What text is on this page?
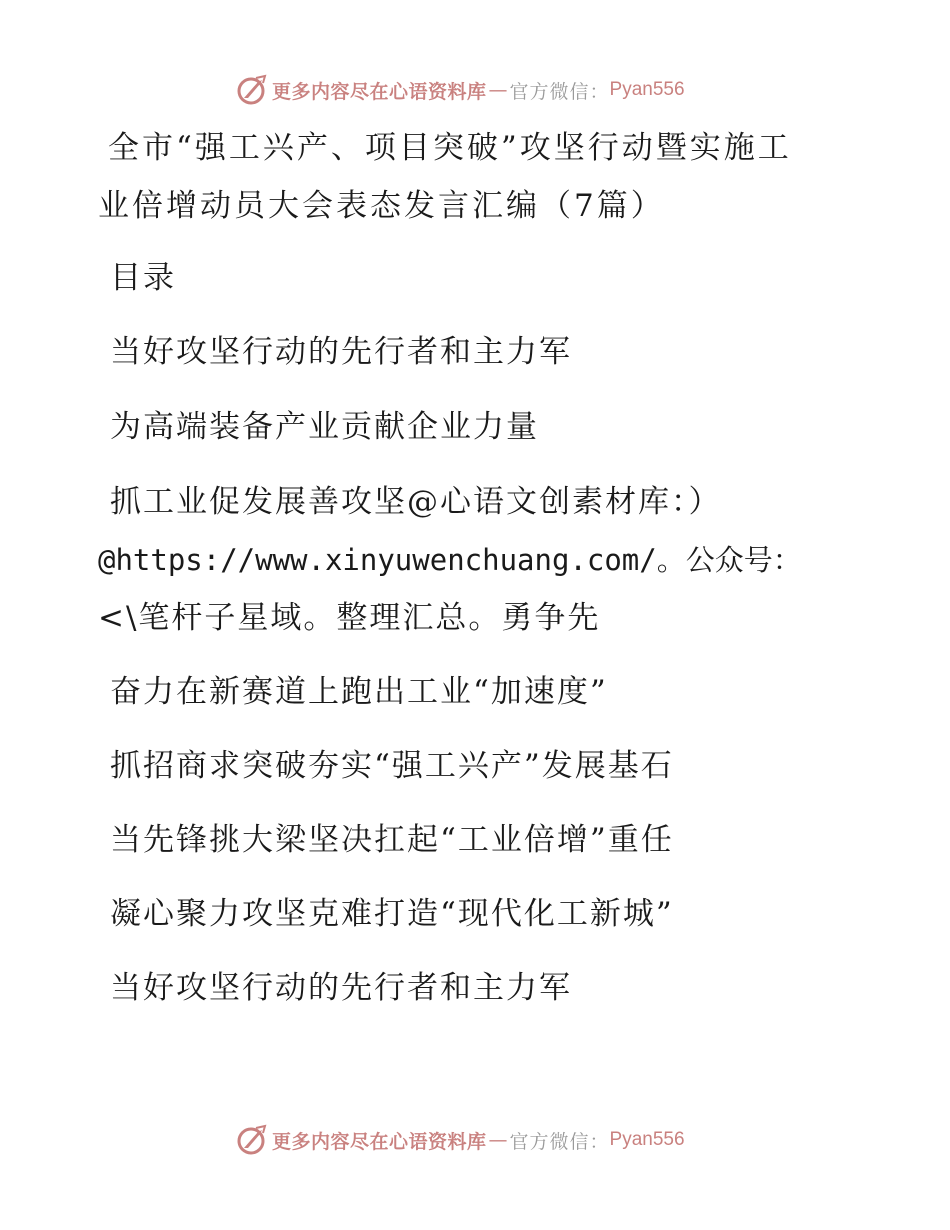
更多内容尽在心语资料库 — 官方微信： Pyan556
全市“强工兴产、项目突破”攻坚行动暨实施工
业倍增动员大会表态发言汇编（7篇）
目录
当好攻坚行动的先行者和主力军
为高端装备产业贡献企业力量
抓工业促发展善攻坚@心语文创素材库：）
@https://www.xinyuwenchuang.com/。公众号：
<\笔杆子星域。整理汇总。勇争先
奋力在新赛道上跑出工业“加速度”
抓招商求突破夯实“强工兴产”发展基石
当先锋挑大梁坚决扛起“工业倍增”重任
凝心聚力攻坚克难打造“现代化工新城”
当好攻坚行动的先行者和主力军
更多内容尽在心语资料库 — 官方微信： Pyan556
